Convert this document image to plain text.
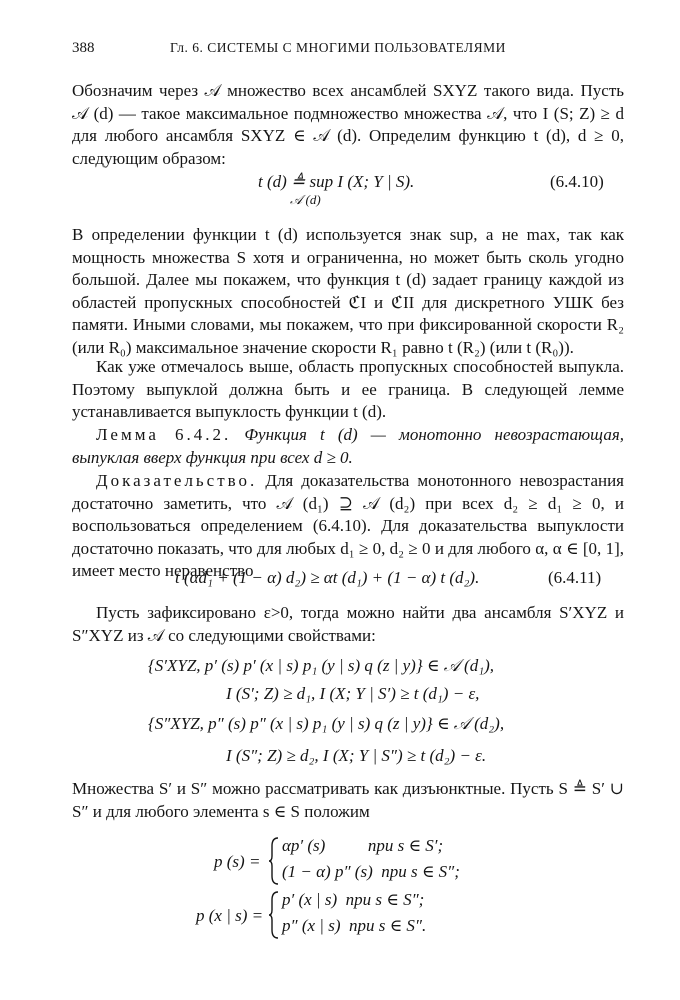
388	Гл. 6. СИСТЕМЫ С МНОГИМИ ПОЛЬЗОВАТЕЛЯМИ

Обозначим через 𝒜 множество всех ансамблей SXYZ такого вида. Пусть 𝒜 (d) — такое максимальное подмножество множества 𝒜, что I (S; Z) ≥ d для любого ансамбля SXYZ ∈ 𝒜 (d). Определим функцию t (d), d ≥ 0, следующим образом:

t (d) ≜ sup I (X; Y | S).
𝒜 (d)
(6.4.10)

В определении функции t (d) используется знак sup, а не max, так как мощность множества S хотя и ограниченна, но может быть сколь угодно большой. Далее мы покажем, что функция t (d) задает границу каждой из областей пропускных способностей ℭI и ℭII для дискретного УШК без памяти. Иными словами, мы покажем, что при фиксированной скорости R₂ (или R₀) максимальное значение скорости R₁ равно t (R₂) (или t (R₀)).

Как уже отмечалось выше, область пропускных способностей выпукла. Поэтому выпуклой должна быть и ее граница. В следующей лемме устанавливается выпуклость функции t (d).

Лемма 6.4.2. Функция t (d) — монотонно невозрастающая, выпуклая вверх функция при всех d ≥ 0.

Доказательство. Для доказательства монотонного невозрастания достаточно заметить, что 𝒜 (d₁) ⊇ 𝒜 (d₂) при всех d₂ ≥ d₁ ≥ 0, и воспользоваться определением (6.4.10). Для доказательства выпуклости достаточно показать, что для любых d₁ ≥ 0, d₂ ≥ 0 и для любого α, α ∈ [0, 1], имеет место неравенство

t (αd₁ + (1 − α) d₂) ≥ αt (d₁) + (1 − α) t (d₂).	(6.4.11)

Пусть зафиксировано ε>0, тогда можно найти два ансамбля S′XYZ и S″XYZ из 𝒜 со следующими свойствами:

{S′XYZ, p′ (s) p′ (x | s) p₁ (y | s) q (z | y)} ∈ 𝒜 (d₁),
I (S′; Z) ≥ d₁, I (X; Y | S′) ≥ t (d₁) − ε,
{S″XYZ, p″ (s) p″ (x | s) p₁ (y | s) q (z | y)} ∈ 𝒜 (d₂),
I (S″; Z) ≥ d₂, I (X; Y | S″) ≥ t (d₂) − ε.

Множества S′ и S″ можно рассматривать как дизъюнктные. Пусть S ≜ S′ ∪ S″ и для любого элемента s ∈ S положим

p (s) =
αp′ (s)          при s ∈ S′;
(1 − α) p″ (s)  при s ∈ S″;
p (x | s) =
p′ (x | s)  при s ∈ S″;
p″ (x | s)  при s ∈ S″.
